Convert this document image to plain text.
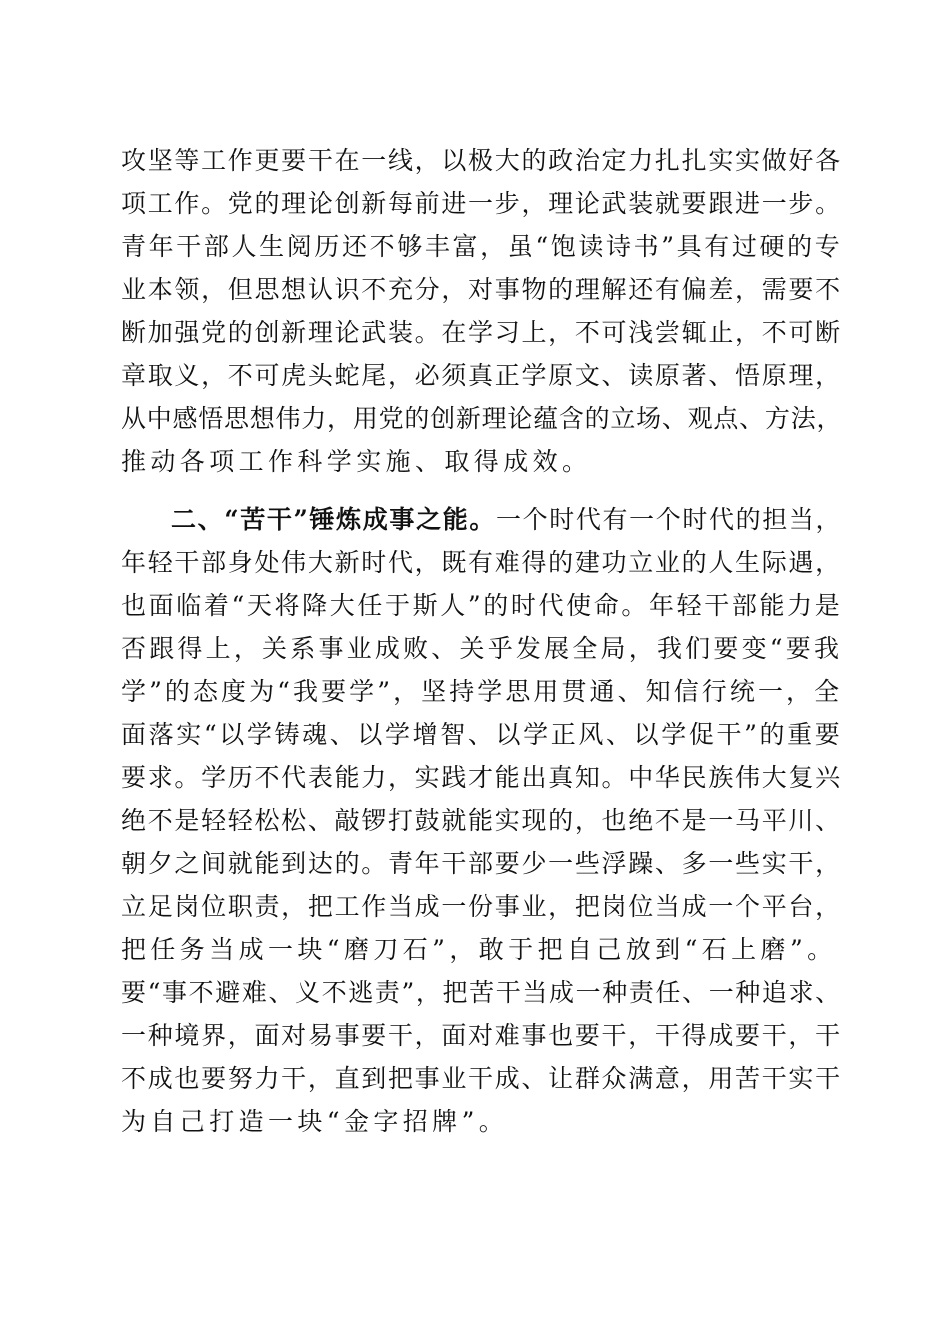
攻坚等工作更要干在一线，以极大的政治定力扎扎实实做好各
项工作。党的理论创新每前进一步，理论武装就要跟进一步。
青年干部人生阅历还不够丰富，虽“饱读诗书”具有过硬的专
业本领，但思想认识不充分，对事物的理解还有偏差，需要不
断加强党的创新理论武装。在学习上，不可浅尝辄止，不可断
章取义，不可虎头蛇尾，必须真正学原文、读原著、悟原理，
从中感悟思想伟力，用党的创新理论蕴含的立场、观点、方法，
推动各项工作科学实施、取得成效。
二、“苦干”锤炼成事之能。一个时代有一个时代的担当，
年轻干部身处伟大新时代，既有难得的建功立业的人生际遇，
也面临着“天将降大任于斯人”的时代使命。年轻干部能力是
否跟得上，关系事业成败、关乎发展全局，我们要变“要我
学”的态度为“我要学”，坚持学思用贯通、知信行统一，全
面落实“以学铸魂、以学增智、以学正风、以学促干”的重要
要求。学历不代表能力，实践才能出真知。中华民族伟大复兴
绝不是轻轻松松、敲锣打鼓就能实现的，也绝不是一马平川、
朝夕之间就能到达的。青年干部要少一些浮躁、多一些实干，
立足岗位职责，把工作当成一份事业，把岗位当成一个平台，
把任务当成一块“磨刀石”，敢于把自己放到“石上磨”。
要“事不避难、义不逃责”，把苦干当成一种责任、一种追求、
一种境界，面对易事要干，面对难事也要干，干得成要干，干
不成也要努力干，直到把事业干成、让群众满意，用苦干实干
为自己打造一块“金字招牌”。
